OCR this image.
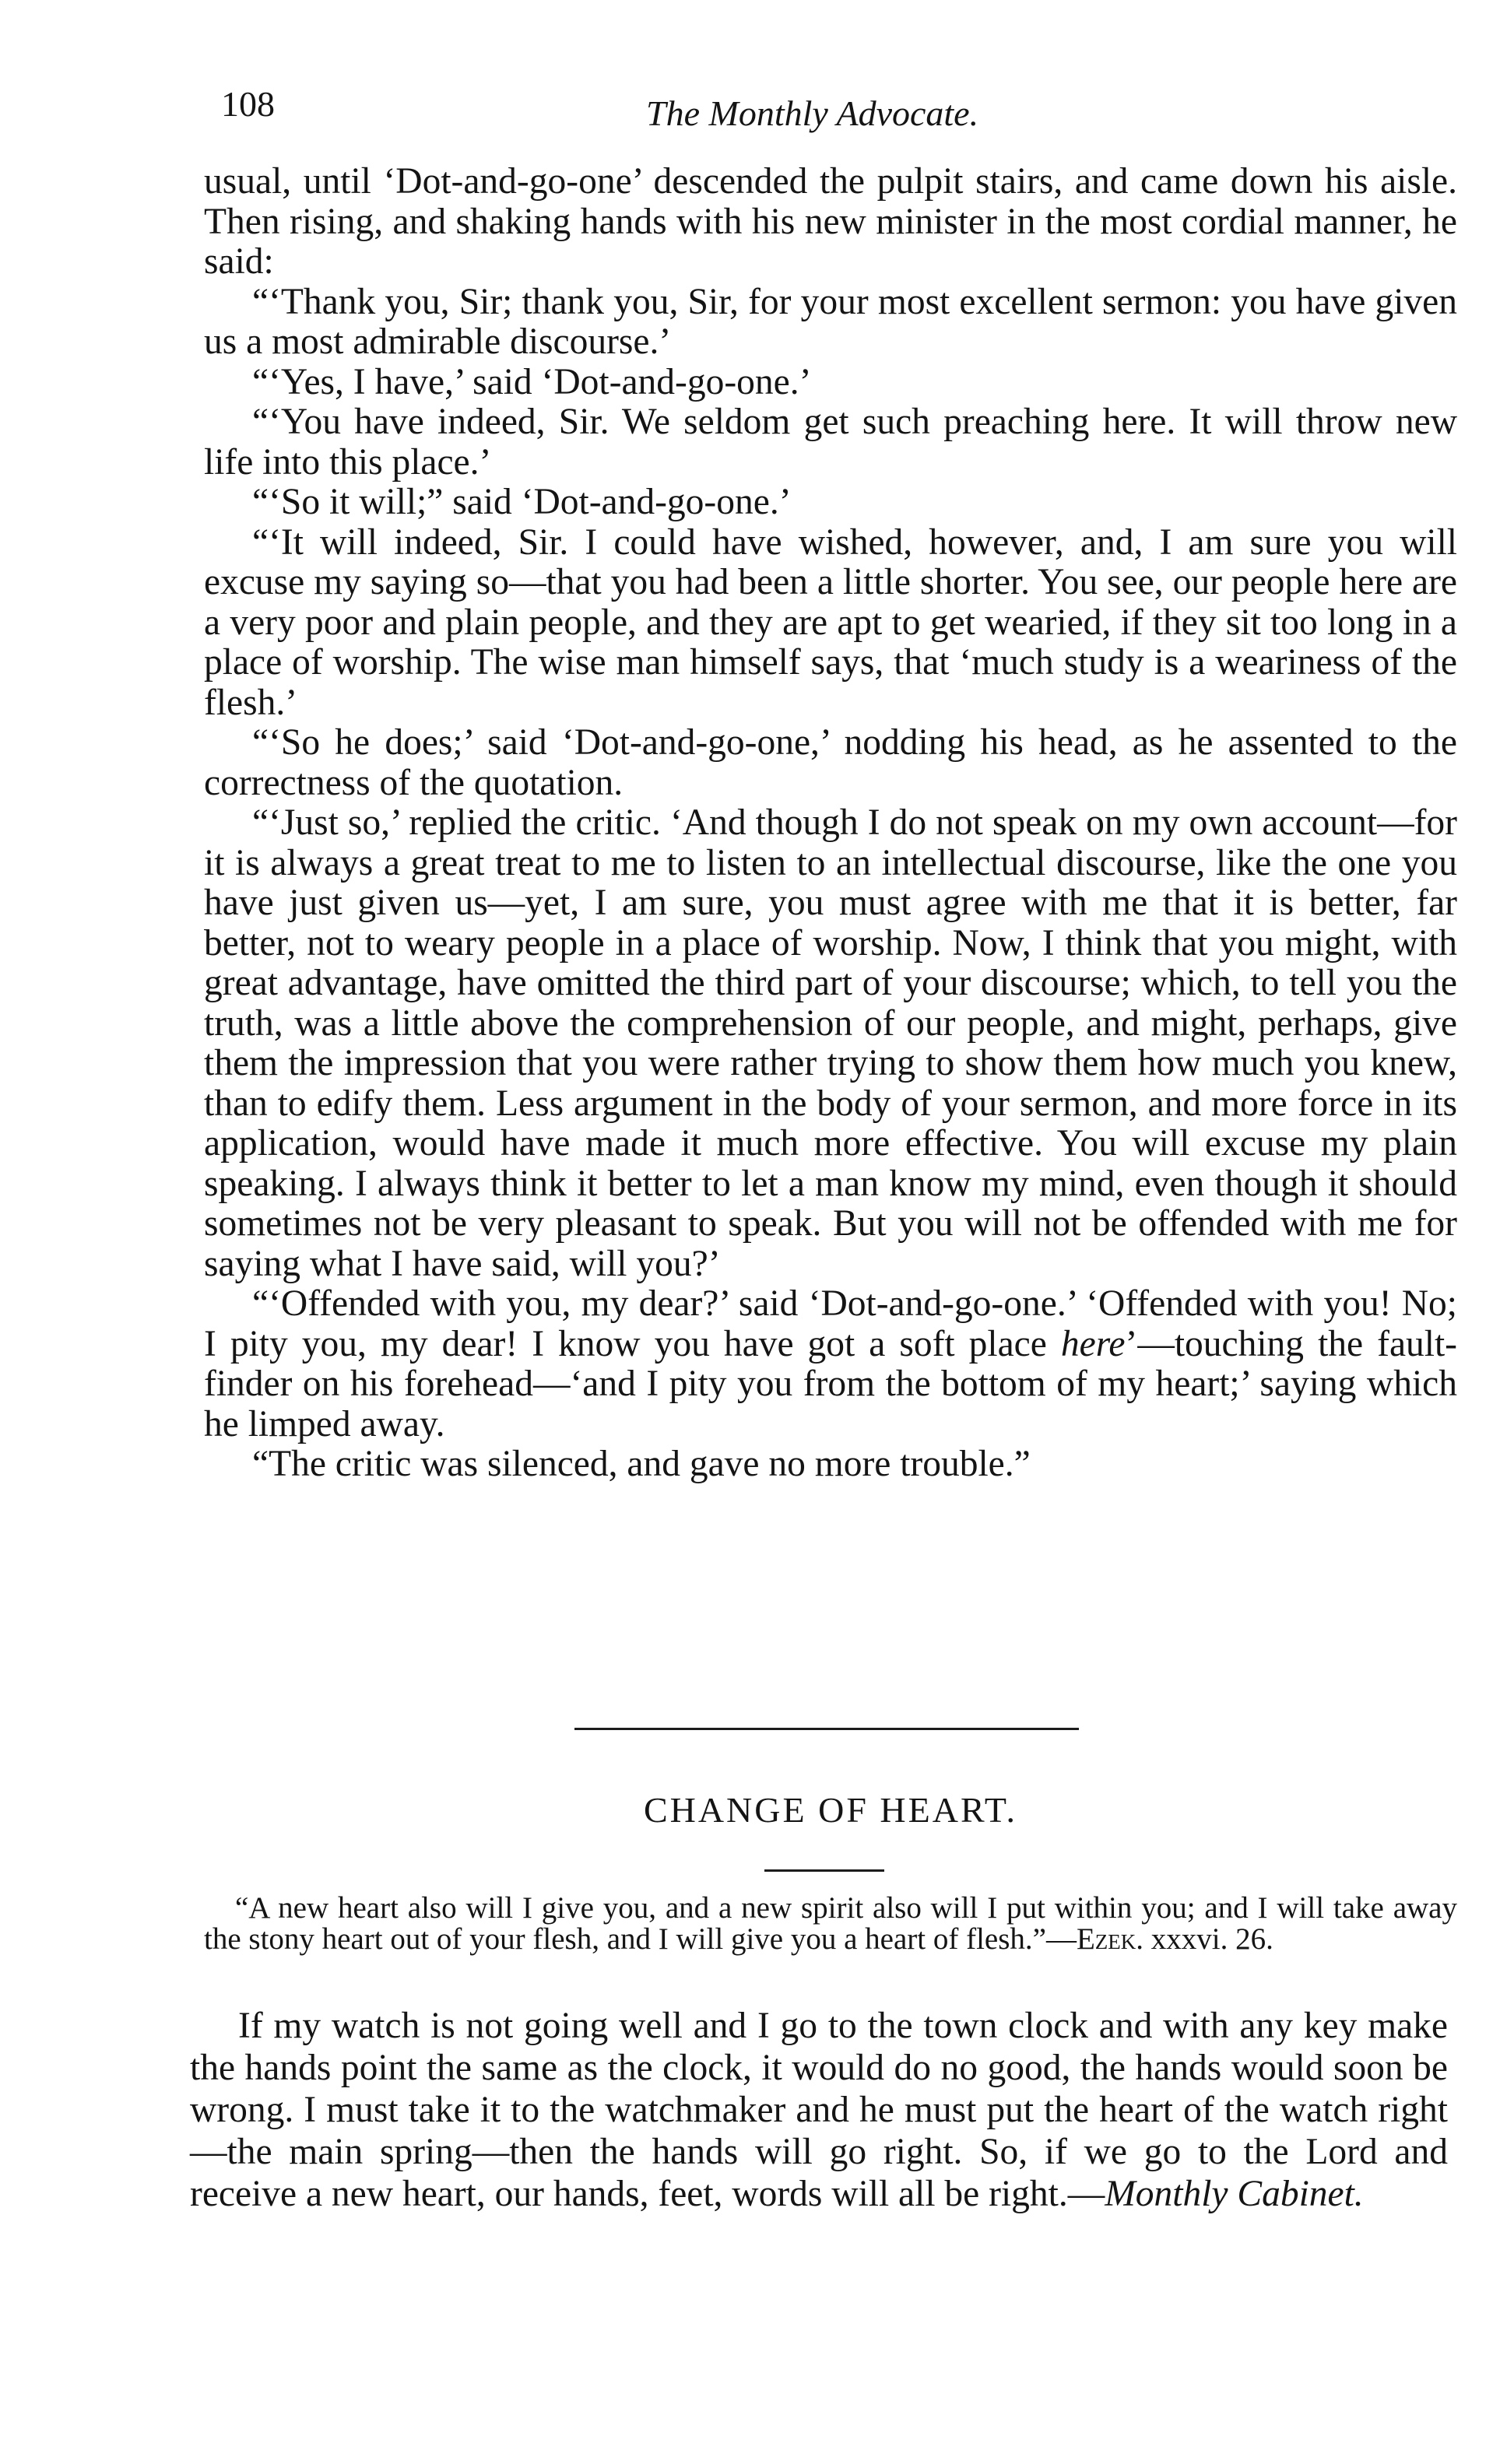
108	The Monthly Advocate.

usual, until ‘Dot-and-go-one’ descended the pulpit stairs, and came down his aisle. Then rising, and shaking hands with his new minister in the most cordial manner, he said:

“‘Thank you, Sir; thank you, Sir, for your most excellent sermon: you have given us a most admirable discourse.’

“‘Yes, I have,’ said ‘Dot-and-go-one.’

“‘You have indeed, Sir. We seldom get such preaching here. It will throw new life into this place.’

“‘So it will;” said ‘Dot-and-go-one.’

“‘It will indeed, Sir. I could have wished, however, and, I am sure you will excuse my saying so—that you had been a little shorter. You see, our people here are a very poor and plain people, and they are apt to get wearied, if they sit too long in a place of worship. The wise man himself says, that ‘much study is a weariness of the flesh.’

“‘So he does;’ said ‘Dot-and-go-one,’ nodding his head, as he assented to the correctness of the quotation.

“‘Just so,’ replied the critic. ‘And though I do not speak on my own account—for it is always a great treat to me to listen to an intellectual discourse, like the one you have just given us—yet, I am sure, you must agree with me that it is better, far better, not to weary people in a place of worship. Now, I think that you might, with great advantage, have omitted the third part of your discourse; which, to tell you the truth, was a little above the comprehension of our people, and might, perhaps, give them the impression that you were rather trying to show them how much you knew, than to edify them. Less argument in the body of your sermon, and more force in its application, would have made it much more effective. You will excuse my plain speaking. I always think it better to let a man know my mind, even though it should sometimes not be very pleasant to speak. But you will not be offended with me for saying what I have said, will you?’

“‘Offended with you, my dear?’ said ‘Dot-and-go-one.’ ‘Offended with you! No; I pity you, my dear! I know you have got a soft place here’—touching the fault-finder on his forehead—‘and I pity you from the bottom of my heart;’ saying which he limped away.

“The critic was silenced, and gave no more trouble.”

CHANGE OF HEART.

“A new heart also will I give you, and a new spirit also will I put within you; and I will take away the stony heart out of your flesh, and I will give you a heart of flesh.”—Ezek. xxxvi. 26.

If my watch is not going well and I go to the town clock and with any key make the hands point the same as the clock, it would do no good, the hands would soon be wrong. I must take it to the watchmaker and he must put the heart of the watch right—the main spring—then the hands will go right. So, if we go to the Lord and receive a new heart, our hands, feet, words will all be right.—Monthly Cabinet.
